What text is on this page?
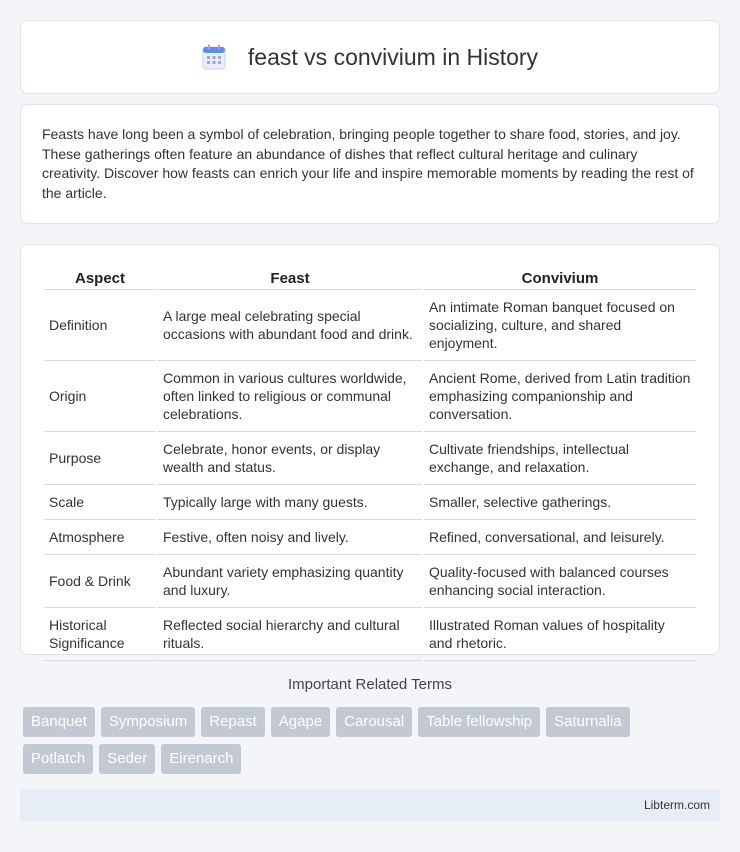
feast vs convivium in History

Feasts have long been a symbol of celebration, bringing people together to share food, stories, and joy. These gatherings often feature an abundance of dishes that reflect cultural heritage and culinary creativity. Discover how feasts can enrich your life and inspire memorable moments by reading the rest of the article.

Aspect	Feast	Convivium
Definition	A large meal celebrating special occasions with abundant food and drink.	An intimate Roman banquet focused on socializing, culture, and shared enjoyment.
Origin	Common in various cultures worldwide, often linked to religious or communal celebrations.	Ancient Rome, derived from Latin tradition emphasizing companionship and conversation.
Purpose	Celebrate, honor events, or display wealth and status.	Cultivate friendships, intellectual exchange, and relaxation.
Scale	Typically large with many guests.	Smaller, selective gatherings.
Atmosphere	Festive, often noisy and lively.	Refined, conversational, and leisurely.
Food & Drink	Abundant variety emphasizing quantity and luxury.	Quality-focused with balanced courses enhancing social interaction.
Historical Significance	Reflected social hierarchy and cultural rituals.	Illustrated Roman values of hospitality and rhetoric.
Important Related Terms
Banquet	Symposium	Repast	Agape	Carousal	Table fellowship	Saturnalia
Potlatch	Seder	Eirenarch
Libterm.com
